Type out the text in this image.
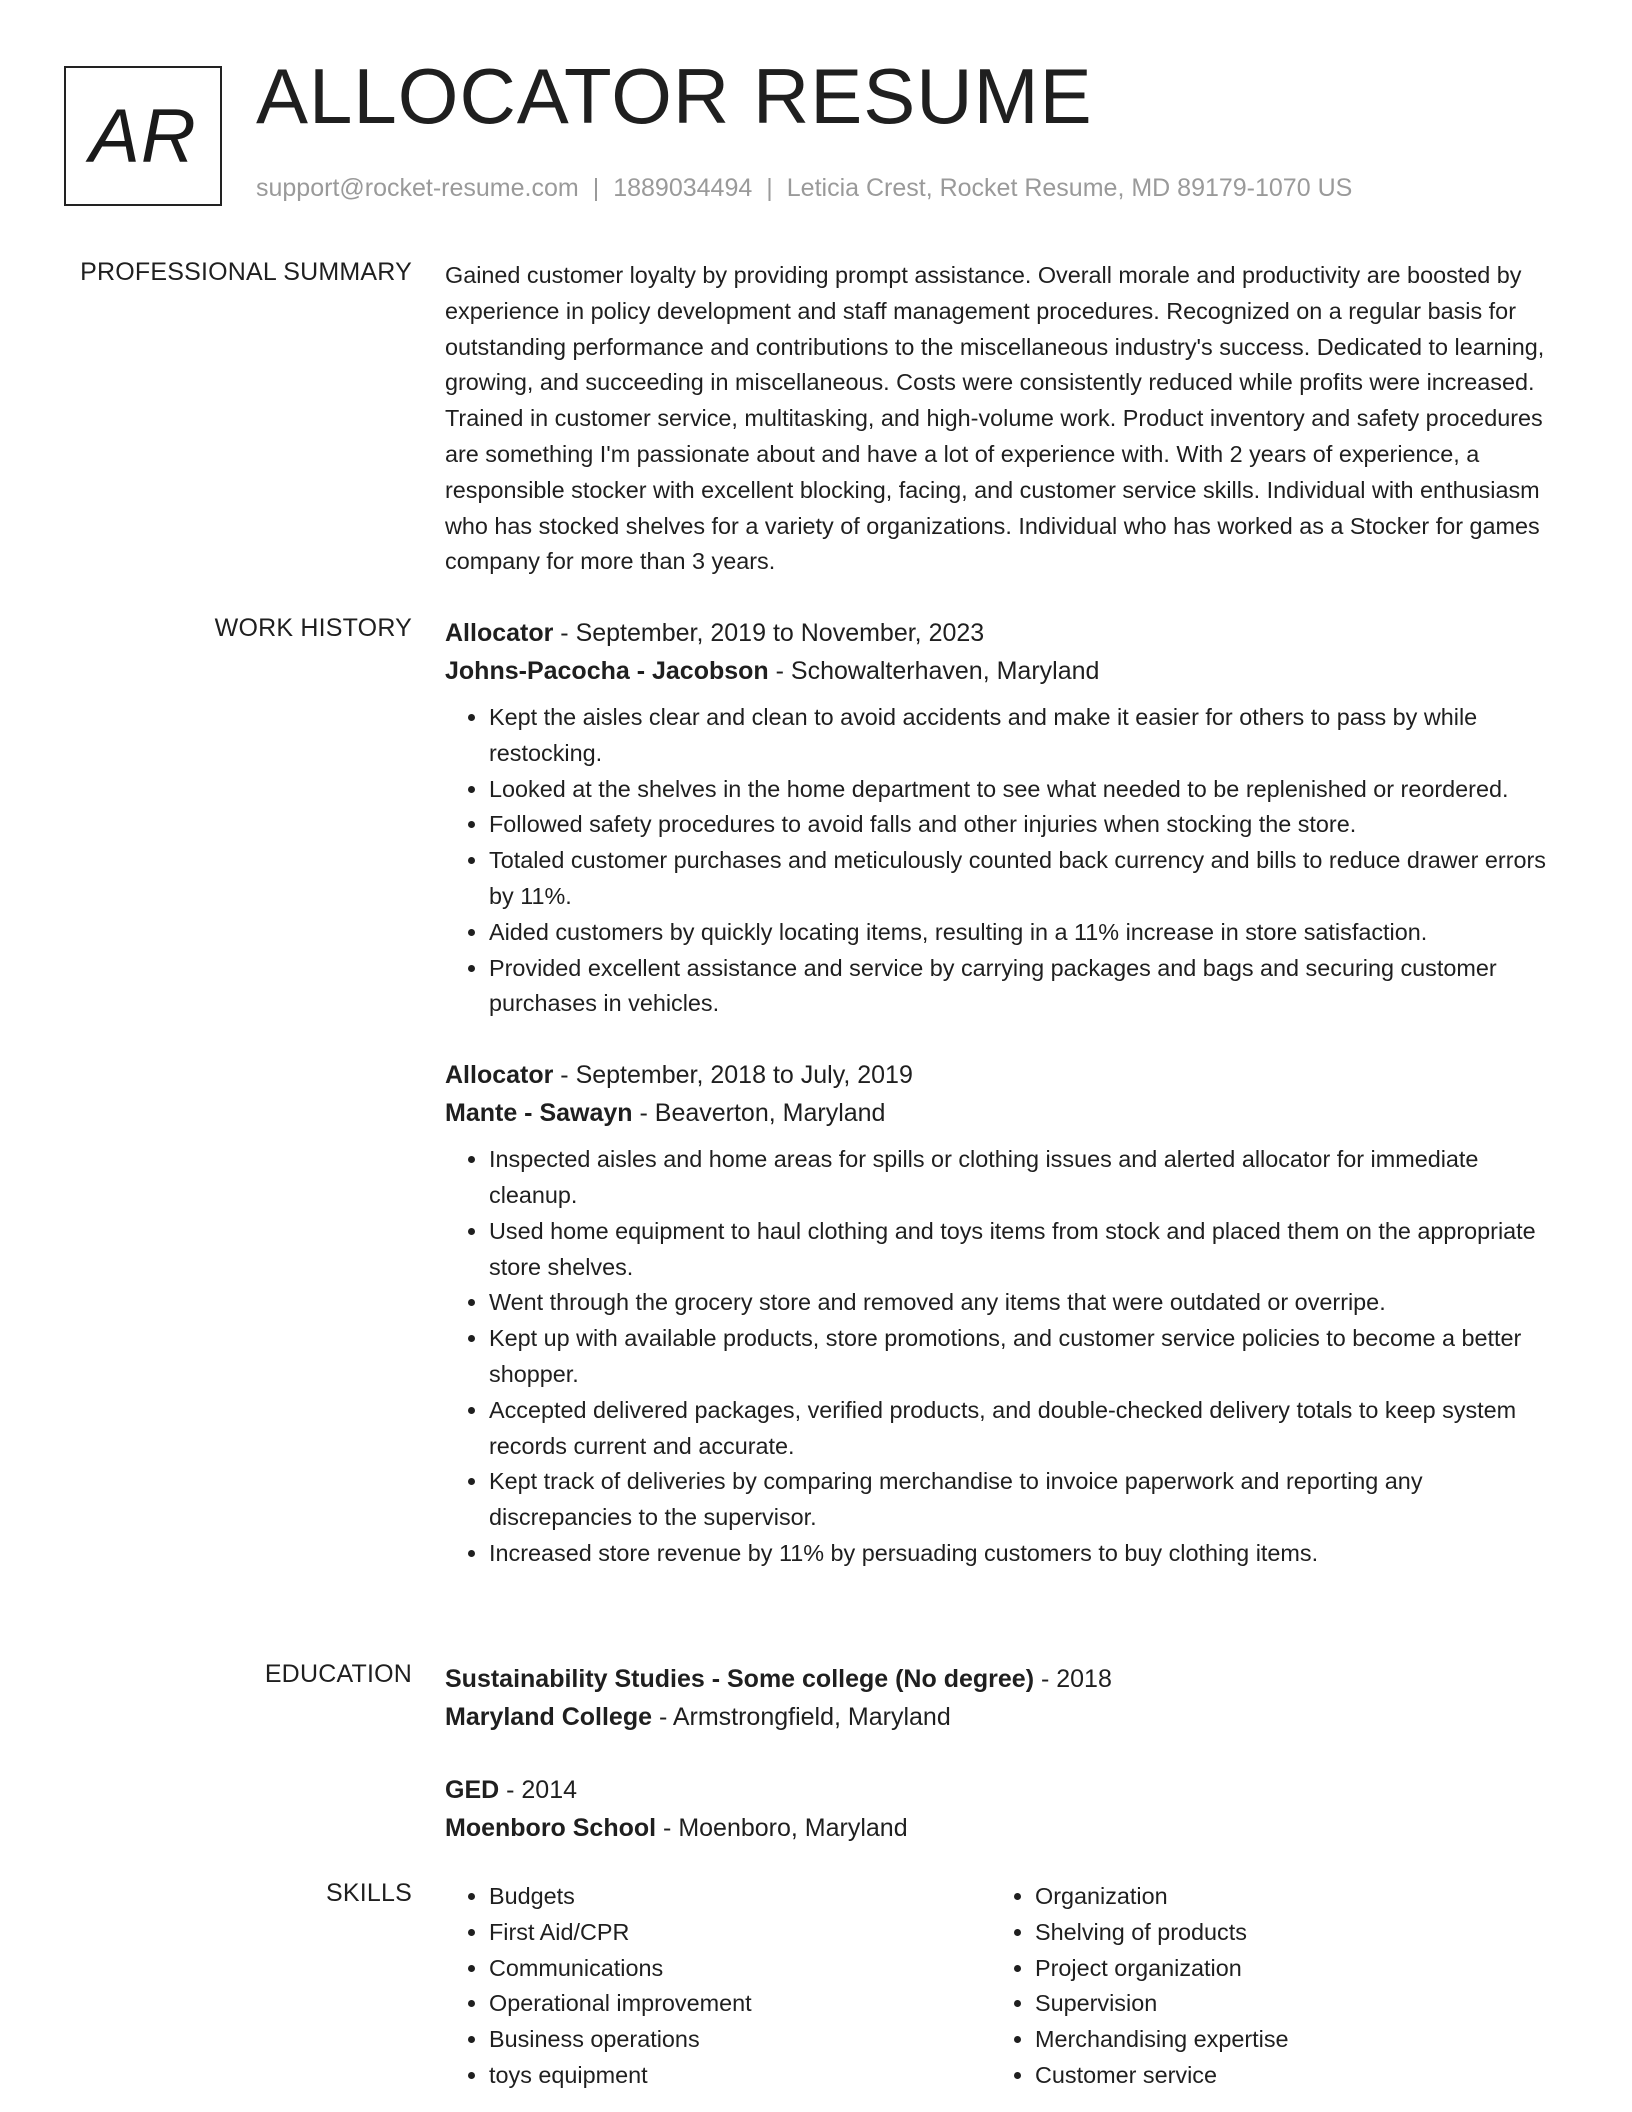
AR ALLOCATOR RESUME
support@rocket-resume.com | 1889034494 | Leticia Crest, Rocket Resume, MD 89179-1070 US
PROFESSIONAL SUMMARY Gained customer loyalty by providing prompt assistance. Overall morale and productivity are boosted by experience in policy development and staff management procedures. Recognized on a regular basis for outstanding performance and contributions to the miscellaneous industry's success. Dedicated to learning, growing, and succeeding in miscellaneous. Costs were consistently reduced while profits were increased. Trained in customer service, multitasking, and high-volume work. Product inventory and safety procedures are something I'm passionate about and have a lot of experience with. With 2 years of experience, a responsible stocker with excellent blocking, facing, and customer service skills. Individual with enthusiasm who has stocked shelves for a variety of organizations. Individual who has worked as a Stocker for games company for more than 3 years.

WORK HISTORY Allocator - September, 2019 to November, 2023
Johns-Pacocha - Jacobson - Schowalterhaven, Maryland
• Kept the aisles clear and clean to avoid accidents and make it easier for others to pass by while restocking.
• Looked at the shelves in the home department to see what needed to be replenished or reordered.
• Followed safety procedures to avoid falls and other injuries when stocking the store.
• Totaled customer purchases and meticulously counted back currency and bills to reduce drawer errors by 11%.
• Aided customers by quickly locating items, resulting in a 11% increase in store satisfaction.
• Provided excellent assistance and service by carrying packages and bags and securing customer purchases in vehicles.
Allocator - September, 2018 to July, 2019
Mante - Sawayn - Beaverton, Maryland
• Inspected aisles and home areas for spills or clothing issues and alerted allocator for immediate cleanup.
• Used home equipment to haul clothing and toys items from stock and placed them on the appropriate store shelves.
• Went through the grocery store and removed any items that were outdated or overripe.
• Kept up with available products, store promotions, and customer service policies to become a better shopper.
• Accepted delivered packages, verified products, and double-checked delivery totals to keep system records current and accurate.
• Kept track of deliveries by comparing merchandise to invoice paperwork and reporting any discrepancies to the supervisor.
• Increased store revenue by 11% by persuading customers to buy clothing items.
EDUCATION Sustainability Studies - Some college (No degree) - 2018
Maryland College - Armstrongfield, Maryland
GED - 2014
Moenboro School - Moenboro, Maryland
SKILLS
•	Budgets
• First Aid/CPR
• Communications
• Operational improvement
• Business operations
• toys equipment
• Organization
• Shelving of products
• Project organization
• Supervision
• Merchandising expertise
• Customer service
